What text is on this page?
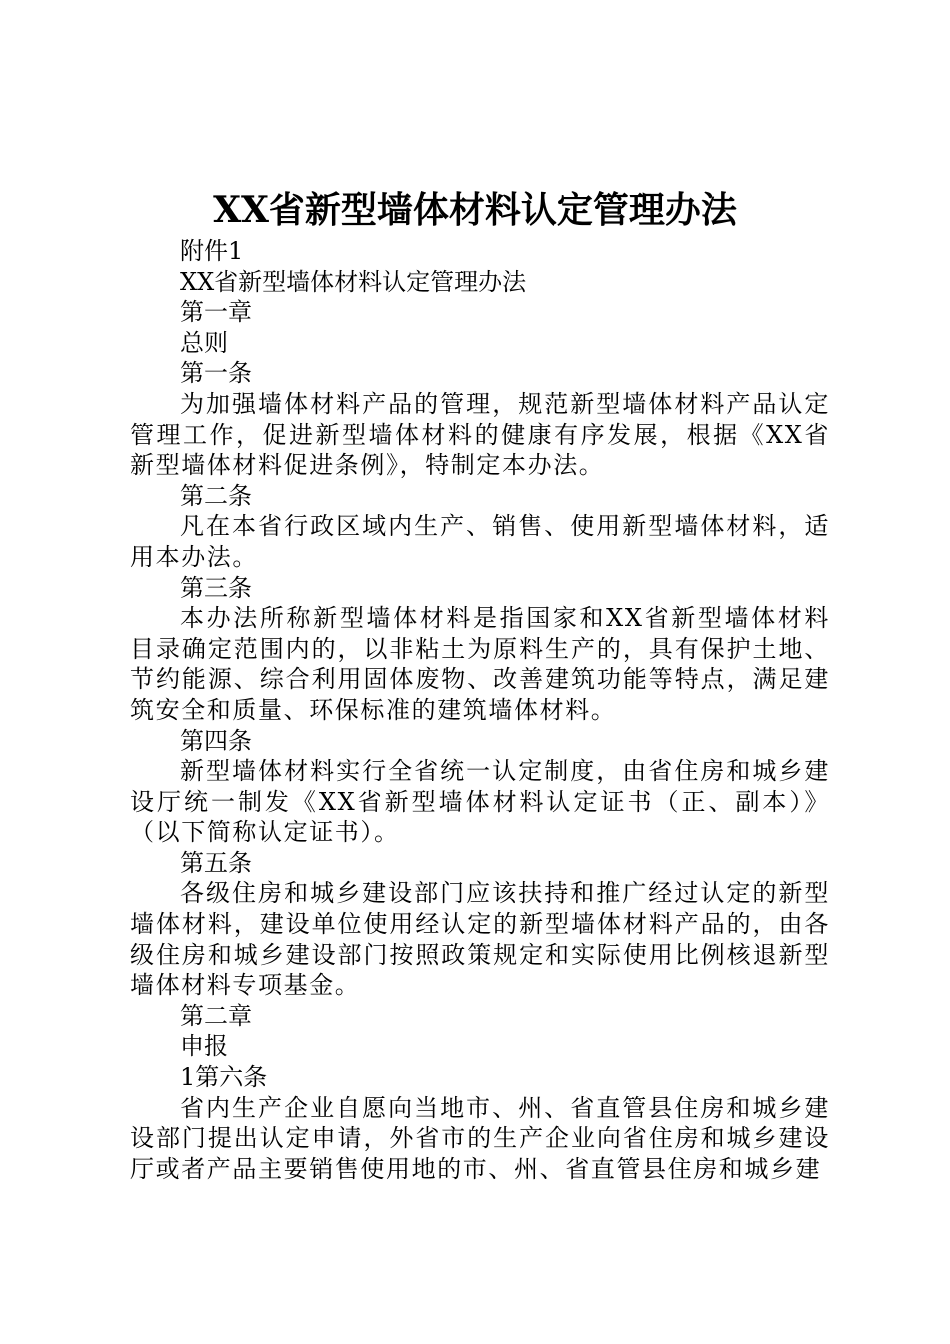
XX省新型墙体材料认定管理办法

附件1

XX省新型墙体材料认定管理办法

第一章

总则

第一条

为加强墙体材料产品的管理，规范新型墙体材料产品认定管理工作，促进新型墙体材料的健康有序发展，根据《XX省新型墙体材料促进条例》，特制定本办法。

第二条

凡在本省行政区域内生产、销售、使用新型墙体材料，适用本办法。

第三条

本办法所称新型墙体材料是指国家和XX省新型墙体材料目录确定范围内的，以非粘土为原料生产的，具有保护土地、节约能源、综合利用固体废物、改善建筑功能等特点，满足建筑安全和质量、环保标准的建筑墙体材料。

第四条

新型墙体材料实行全省统一认定制度，由省住房和城乡建设厅统一制发《XX省新型墙体材料认定证书（正、副本）》（以下简称认定证书）。

第五条

各级住房和城乡建设部门应该扶持和推广经过认定的新型墙体材料，建设单位使用经认定的新型墙体材料产品的，由各级住房和城乡建设部门按照政策规定和实际使用比例核退新型墙体材料专项基金。

第二章

申报

1第六条

省内生产企业自愿向当地市、州、省直管县住房和城乡建设部门提出认定申请，外省市的生产企业向省住房和城乡建设厅或者产品主要销售使用地的市、州、省直管县住房和城乡建
